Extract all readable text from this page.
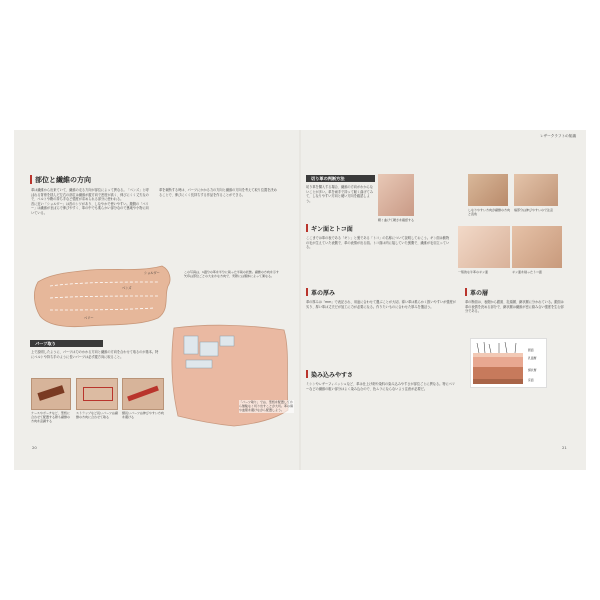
部位と繊維の方向
革は繊維から出来ていて、繊維の走る方向が部位によって異なる。「ベンズ」と呼ばれる背骨を挟んだ左右の部位は繊維が縦方向で密度が高く、伸びにくく丈夫なので、ベルトや鞄の持ち手など強度が求められる部分に使われる。
首に近い「ショルダー」は首のシワがあり、しなやかで使いやすい。腹側の「ベリー」は繊維がまばらで伸びやすく、革の中でも柔らかい部分なので裏地や小物に向いている。
革を裁断する時は、パーツにかかる力の方向と繊維の方向を考えて取り位置を決めることで、伸びにくく長持ちする作品を作ることができる。
ショルダー
ベンズ
ベリー
この写真は、1頭分の革を半分に裁った半裁の状態。繊維の方向を示す矢印は部位ごとの大まかな方向で、実際には個体によって異なる。
パーツ取り
上で説明したように、パーツは力のかかる方向と繊維の方向を合わせて取るのが基本。特にベルトや持ち手のように長いパーツは必ず縦方向に取ること。
ケースやポーチなど、型紙に合わせて配置する際も繊維の方向を意識する
ストラップなど長いパーツは繊維の方向に合わせて取る
細長いパーツは伸びやすい方向を避ける
「パーツ取り」では、型紙を配置してから無駄なく切り出すことが大切。革の傷や血筋を避けながら配置しよう。
20
レザークラフトの知識
切り革の判断方法
切り革を購入する場合、繊維の方向がわからないことが多い。革を両手で持って軽く曲げてみて、しなりやすい方向と硬い方向を確認しよう。
しなりやすい方向が繊維の方向と直角
端部分は伸びやすいので注意
軽く曲げて硬さを確認する
ギン面とトコ面
ここまでは革の表である「ギン」と裏である「トコ」の名称について説明しておこう。ギン面は動物の毛が生えていた表側で、革の表情が出る面。トコ面は肉に接していた裏側で、繊維が毛羽立っている。
一般的な牛革のギン面	ギン面を削ったトコ面
革の厚み
革の厚みは「mm」で表記され、用途に合わせて選ぶことが大切。薄い革は柔らかく扱いやすいが強度が劣り、厚い革は丈夫だが加工に力が必要になる。作りたいものに合わせた厚みを選ぼう。
革の層
革の断面は、表側から銀面、乳頭層、網状層に分かれている。銀面は革の表情を決める部分で、網状層は繊維が密に絡み合い強度を生む部分である。
銀面
乳頭層
網状層
床面
染み込みやすさ
ミシンやレザーフィニッシュなど、革は仕上げ剤や染料の染み込みやすさが部位ごとに異なる。特にベリーなどの繊維の粗い部分はよく染み込むので、色ムラにならないよう注意が必要だ。
21
